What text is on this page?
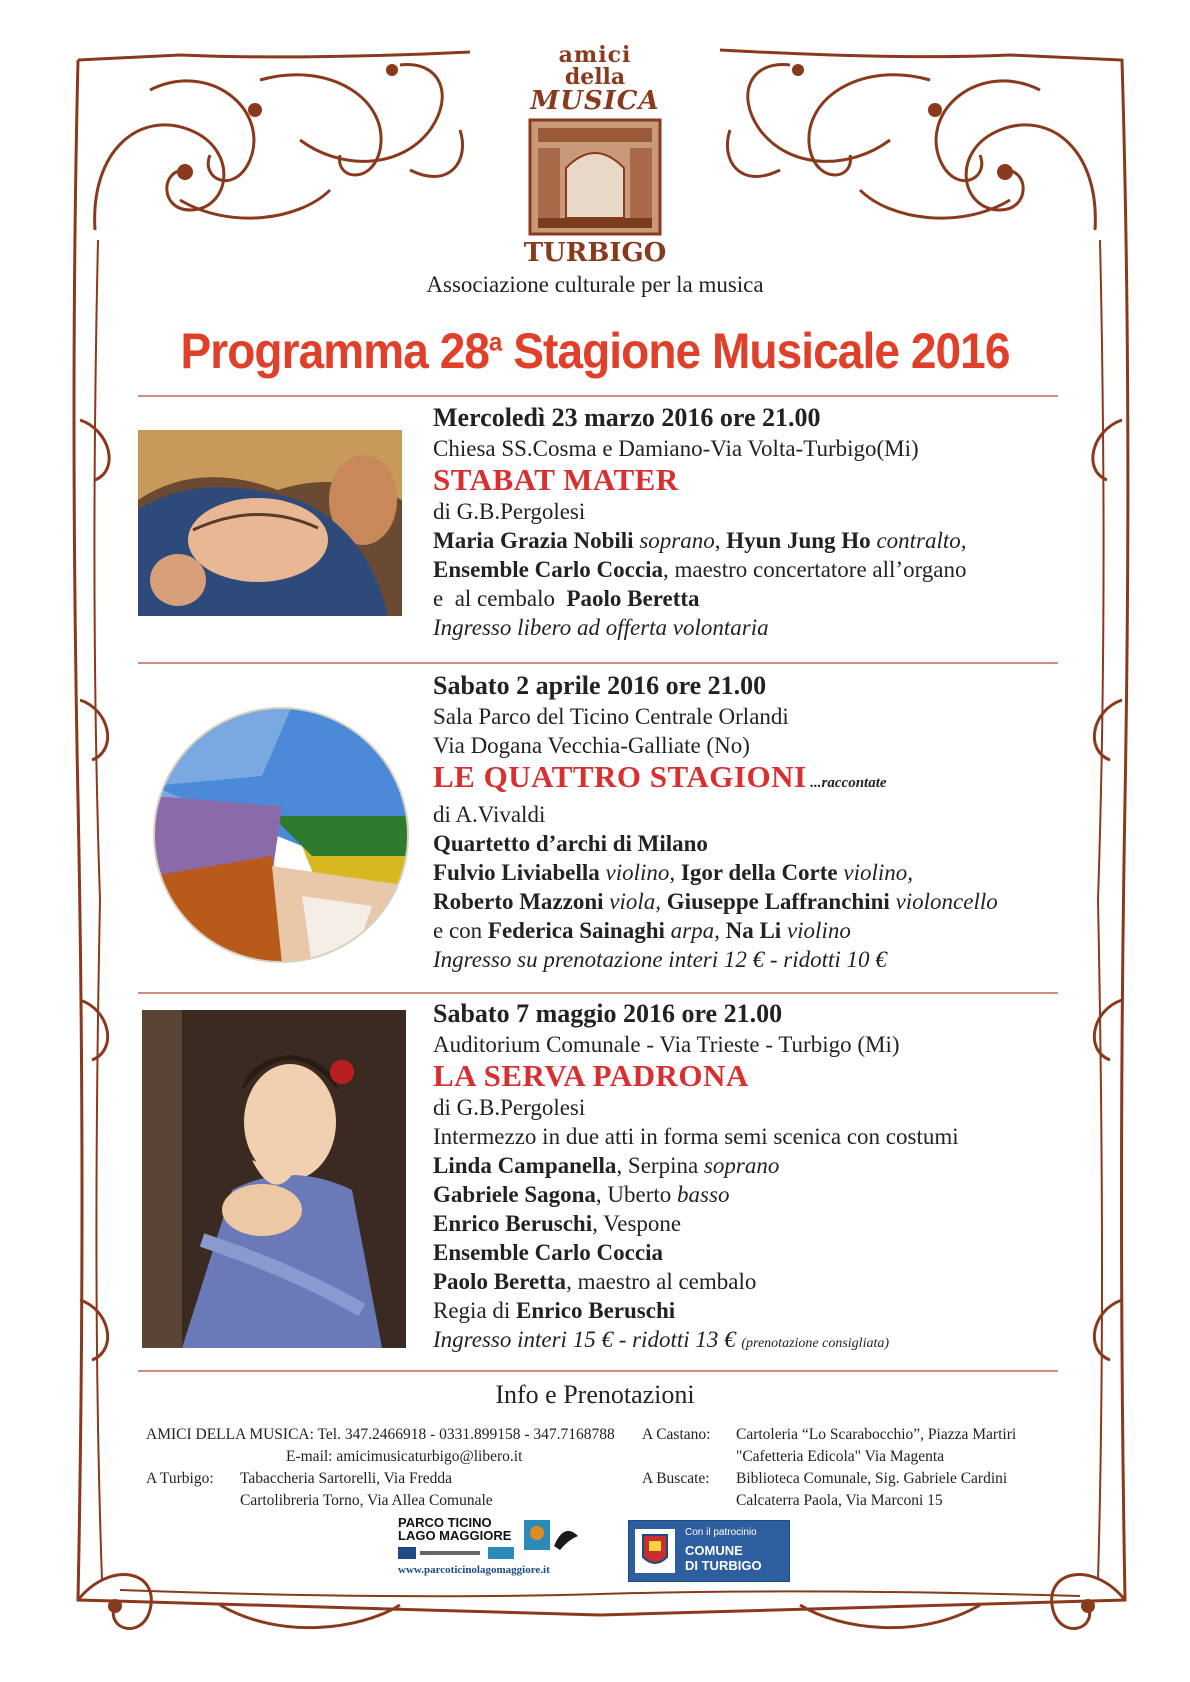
amici
della
MUSICA
TURBIGO
Associazione culturale per la musica
Programma 28$^a$ Stagione Musicale 2016
Mercoledì 23 marzo 2016 ore 21.00
Chiesa SS.Cosma e Damiano-Via Volta-Turbigo(Mi)
STABAT MATER
di G.B.Pergolesi
Maria Grazia Nobili soprano, Hyun Jung Ho contralto,
Ensemble Carlo Coccia, maestro concertatore all’organo
e  al cembalo  Paolo Beretta
Ingresso libero ad offerta volontaria
Sabato 2 aprile 2016 ore 21.00
Sala Parco del Ticino Centrale Orlandi
Via Dogana Vecchia-Galliate (No)
LE QUATTRO STAGIONI ...raccontate
di A.Vivaldi
Quartetto d’archi di Milano
Fulvio Liviabella violino, Igor della Corte violino,
Roberto Mazzoni viola, Giuseppe Laffranchini violoncello
e con Federica Sainaghi arpa, Na Li violino
Ingresso su prenotazione interi 12 € - ridotti 10 €
Sabato 7 maggio 2016 ore 21.00
Auditorium Comunale - Via Trieste - Turbigo (Mi)
LA SERVA PADRONA
di G.B.Pergolesi
Intermezzo in due atti in forma semi scenica con costumi
Linda Campanella, Serpina soprano
Gabriele Sagona, Uberto basso
Enrico Beruschi, Vespone
Ensemble Carlo Coccia
Paolo Beretta, maestro al cembalo
Regia di Enrico Beruschi
Ingresso interi 15 € - ridotti 13 € (prenotazione consigliata)
Info e Prenotazioni
AMICI DELLA MUSICA: Tel. 347.2466918 - 0331.899158 - 347.7168788
E-mail: amicimusicaturbigo@libero.it
A Turbigo: Tabaccheria Sartorelli, Via Fredda
Cartolibreria Torno, Via Allea Comunale
A Castano: Cartoleria “Lo Scarabocchio”, Piazza Martiri
"Cafetteria Edicola" Via Magenta
A Buscate: Biblioteca Comunale, Sig. Gabriele Cardini
Calcaterra Paola, Via Marconi 15
PARCO TICINO
LAGO MAGGIORE
www.parcoticinolagomaggiore.it
Con il patrocinio
COMUNE
DI TURBIGO
